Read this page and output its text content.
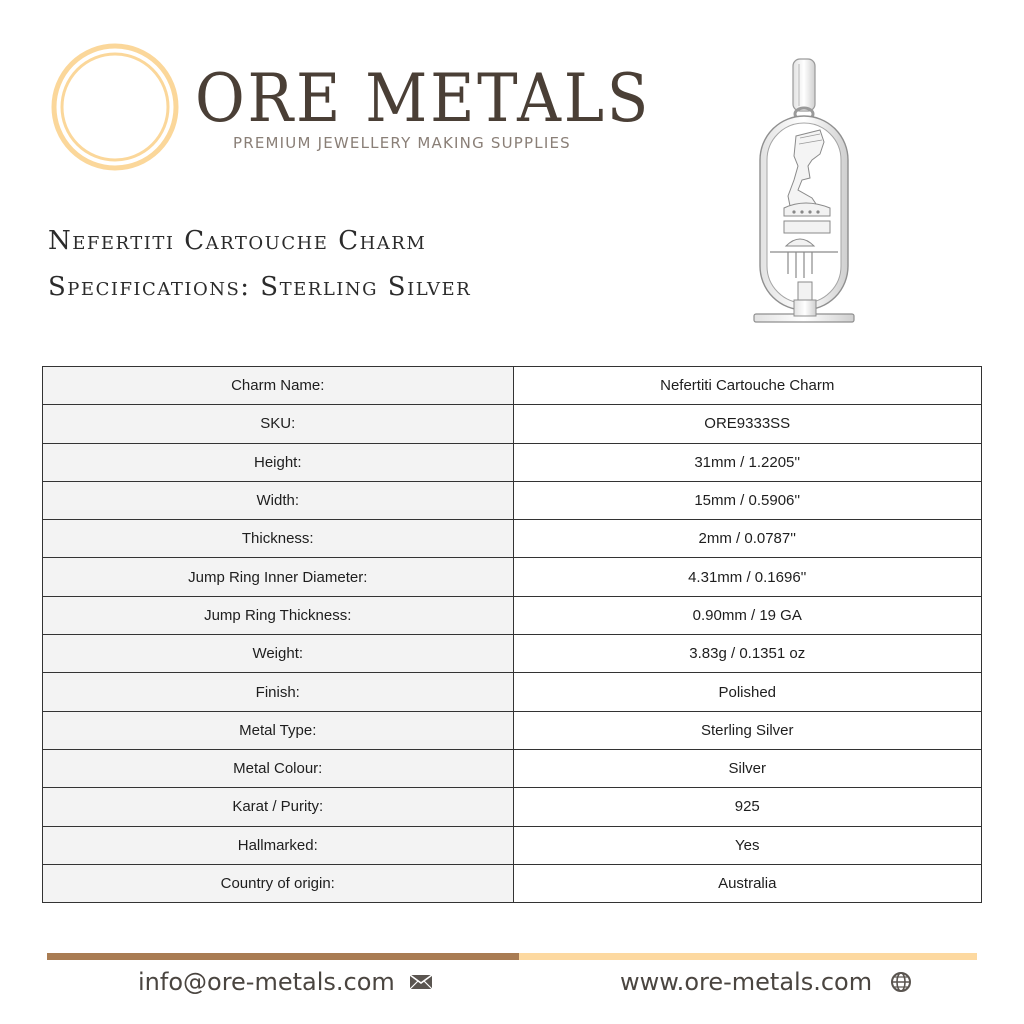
ORE METALS
PREMIUM JEWELLERY MAKING SUPPLIES
Nefertiti Cartouche Charm
Specifications: Sterling Silver
Charm Name:	Nefertiti Cartouche Charm
SKU:	ORE9333SS
Height:	31mm / 1.2205''
Width:	15mm / 0.5906''
Thickness:	2mm / 0.0787''
Jump Ring Inner Diameter:	4.31mm / 0.1696''
Jump Ring Thickness:	0.90mm / 19 GA
Weight:	3.83g / 0.1351 oz
Finish:	Polished
Metal Type:	Sterling Silver
Metal Colour:	Silver
Karat / Purity:	925
Hallmarked:	Yes
Country of origin:	Australia
info@ore-metals.com	www.ore-metals.com
